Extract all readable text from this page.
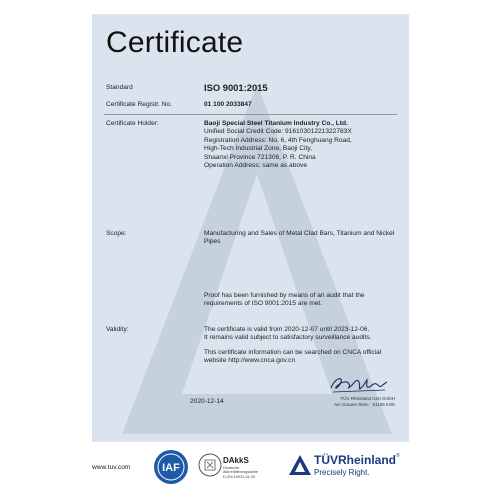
Certificate
Standard	ISO 9001:2015
Certificate Registr. No.	01 100 2033847
Certificate Holder:	Baoji Special Steel Titanium Industry Co., Ltd.
Unified Social Credit Code: 91610301221322783X
Registration Address: No. 6, 4th Fenghuang Road,
High-Tech Industrial Zone, Baoji City,
Shaanxi Province 721306, P. R. China
Operation Address: same as above
Scope:	Manufacturing and Sales of Metal Clad Bars, Titanium and Nickel
Pipes
Proof has been furnished by means of an audit that the
requirements of ISO 9001:2015 are met.
Validity:	The certificate is valid from 2020-12-07 until 2023-12-06.
It remains valid subject to satisfactory surveillance audits.
This certificate information can be searched on CNCA official
website http://www.cnca.gov.cn
2020-12-14	TÜV Rheinland Cert GmbH
Am Grauen Stein · 51105 Köln
www.tuv.com	IAF
DAkkS
Deutsche
Akkreditierungsstelle
D-ZM-16031-01-00
TÜVRheinland®
Precisely Right.
